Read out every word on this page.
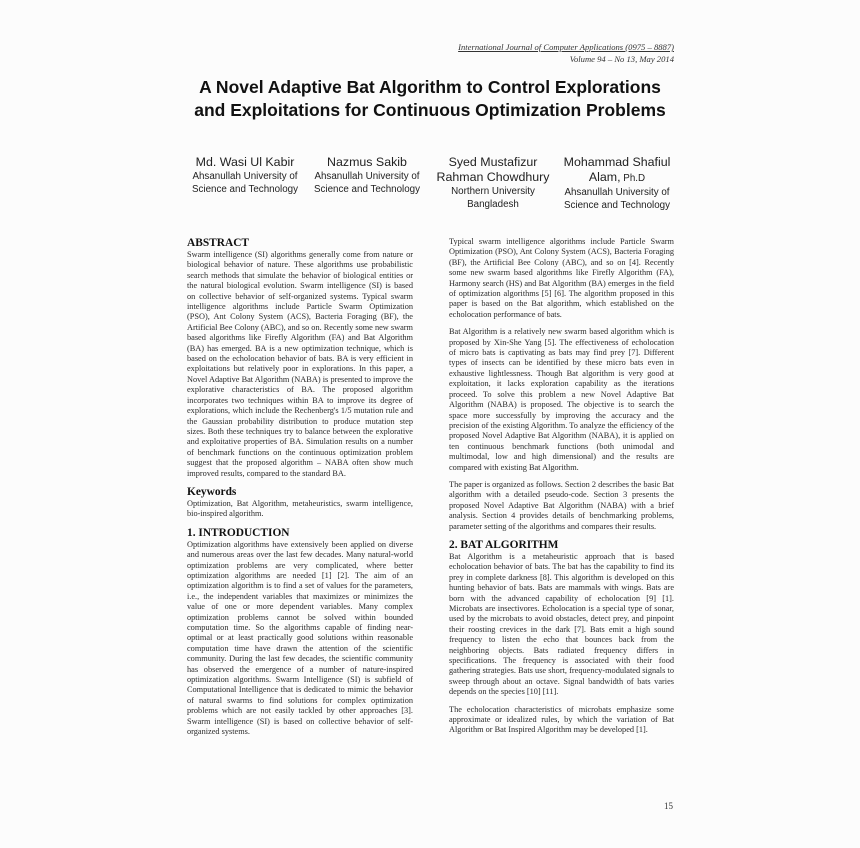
International Journal of Computer Applications (0975 – 8887)
Volume 94 – No 13, May 2014
A Novel Adaptive Bat Algorithm to Control Explorations
and Exploitations for Continuous Optimization Problems
Md. Wasi Ul Kabir
Ahsanullah University of
Science and Technology
Nazmus Sakib
Ahsanullah University of
Science and Technology
Syed Mustafizur
Rahman Chowdhury
Northern University
Bangladesh
Mohammad Shafiul
Alam, Ph.D
Ahsanullah University of
Science and Technology
ABSTRACT

Swarm intelligence (SI) algorithms generally come from nature or biological behavior of nature. These algorithms use probabilistic search methods that simulate the behavior of biological entities or the natural biological evolution. Swarm intelligence (SI) is based on collective behavior of self-organized systems. Typical swarm intelligence algorithms include Particle Swarm Optimization (PSO), Ant Colony System (ACS), Bacteria Foraging (BF), the Artificial Bee Colony (ABC), and so on. Recently some new swarm based algorithms like Firefly Algorithm (FA) and Bat Algorithm (BA) has emerged. BA is a new optimization technique, which is based on the echolocation behavior of bats. BA is very efficient in exploitations but relatively poor in explorations. In this paper, a Novel Adaptive Bat Algorithm (NABA) is presented to improve the explorative characteristics of BA. The proposed algorithm incorporates two techniques within BA to improve its degree of explorations, which include the Rechenberg's 1/5 mutation rule and the Gaussian probability distribution to produce mutation step sizes. Both these techniques try to balance between the explorative and exploitative properties of BA. Simulation results on a number of benchmark functions on the continuous optimization problem suggest that the proposed algorithm – NABA often show much improved results, compared to the standard BA.

Keywords

Optimization, Bat Algorithm, metaheuristics, swarm intelligence, bio-inspired algorithm.

1. INTRODUCTION

Optimization algorithms have extensively been applied on diverse and numerous areas over the last few decades. Many natural-world optimization problems are very complicated, where better optimization algorithms are needed [1] [2]. The aim of an optimization algorithm is to find a set of values for the parameters, i.e., the independent variables that maximizes or minimizes the value of one or more dependent variables. Many complex optimization problems cannot be solved within bounded computation time. So the algorithms capable of finding near-optimal or at least practically good solutions within reasonable computation time have drawn the attention of the scientific community. During the last few decades, the scientific community has observed the emergence of a number of nature-inspired optimization algorithms. Swarm Intelligence (SI) is subfield of Computational Intelligence that is dedicated to mimic the behavior of natural swarms to find solutions for complex optimization problems which are not easily tackled by other approaches [3]. Swarm intelligence (SI) is based on collective behavior of self-organized systems.

Typical swarm intelligence algorithms include Particle Swarm Optimization (PSO), Ant Colony System (ACS), Bacteria Foraging (BF), the Artificial Bee Colony (ABC), and so on [4]. Recently some new swarm based algorithms like Firefly Algorithm (FA), Harmony search (HS) and Bat Algorithm (BA) emerges in the field of optimization algorithms [5] [6]. The algorithm proposed in this paper is based on the Bat algorithm, which established on the echolocation performance of bats.

Bat Algorithm is a relatively new swarm based algorithm which is proposed by Xin-She Yang [5]. The effectiveness of echolocation of micro bats is captivating as bats may find prey [7]. Different types of insects can be identified by these micro bats even in exhaustive lightlessness. Though Bat algorithm is very good at exploitation, it lacks exploration capability as the iterations proceed. To solve this problem a new Novel Adaptive Bat Algorithm (NABA) is proposed. The objective is to search the space more successfully by improving the accuracy and the precision of the existing Algorithm. To analyze the efficiency of the proposed Novel Adaptive Bat Algorithm (NABA), it is applied on ten continuous benchmark functions (both unimodal and multimodal, low and high dimensional) and the results are compared with existing Bat Algorithm.

The paper is organized as follows. Section 2 describes the basic Bat algorithm with a detailed pseudo-code. Section 3 presents the proposed Novel Adaptive Bat Algorithm (NABA) with a brief analysis. Section 4 provides details of benchmarking problems, parameter setting of the algorithms and compares their results.

2. BAT ALGORITHM

Bat Algorithm is a metaheuristic approach that is based echolocation behavior of bats. The bat has the capability to find its prey in complete darkness [8]. This algorithm is developed on this hunting behavior of bats. Bats are mammals with wings. Bats are born with the advanced capability of echolocation [9] [1]. Microbats are insectivores. Echolocation is a special type of sonar, used by the microbats to avoid obstacles, detect prey, and pinpoint their roosting crevices in the dark [7]. Bats emit a high sound frequency to listen the echo that bounces back from the neighboring objects. Bats radiated frequency differs in specifications. The frequency is associated with their food gathering strategies. Bats use short, frequency-modulated signals to sweep through about an octave. Signal bandwidth of bats varies depends on the species [10] [11].

The echolocation characteristics of microbats emphasize some approximate or idealized rules, by which the variation of Bat Algorithm or Bat Inspired Algorithm may be developed [1].

15
